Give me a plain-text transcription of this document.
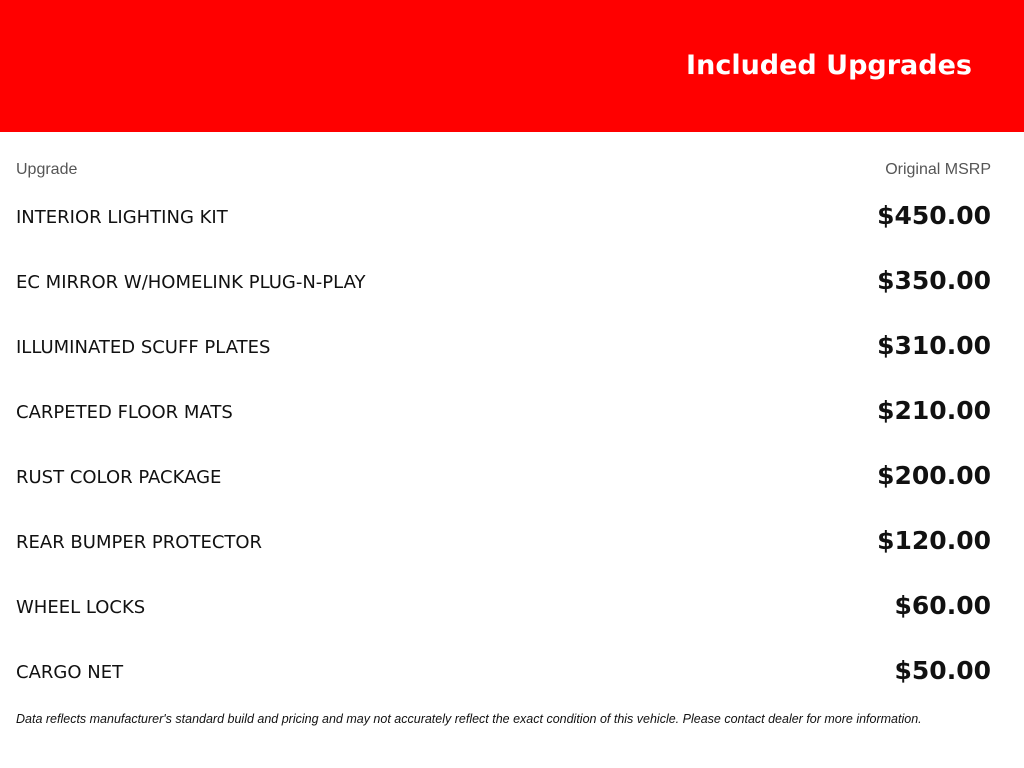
Included Upgrades
Upgrade	Original MSRP
INTERIOR LIGHTING KIT	$450.00
EC MIRROR W/HOMELINK PLUG-N-PLAY	$350.00
ILLUMINATED SCUFF PLATES	$310.00
CARPETED FLOOR MATS	$210.00
RUST COLOR PACKAGE	$200.00
REAR BUMPER PROTECTOR	$120.00
WHEEL LOCKS	$60.00
CARGO NET	$50.00
Data reflects manufacturer's standard build and pricing and may not accurately reflect the exact condition of this vehicle. Please contact dealer for more information.
